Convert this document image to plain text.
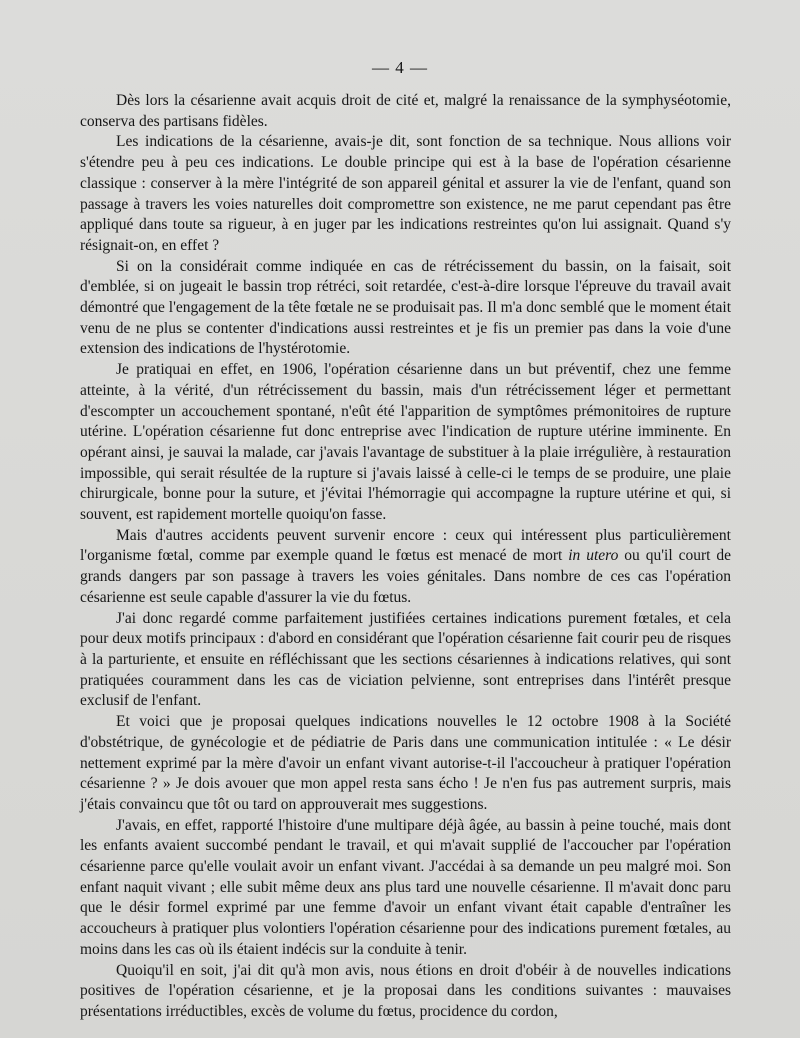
— 4 —

Dès lors la césarienne avait acquis droit de cité et, malgré la renaissance de la symphyséotomie, conserva des partisans fidèles.

Les indications de la césarienne, avais-je dit, sont fonction de sa technique. Nous allions voir s'étendre peu à peu ces indications. Le double principe qui est à la base de l'opération césarienne classique : conserver à la mère l'intégrité de son appareil génital et assurer la vie de l'enfant, quand son passage à travers les voies naturelles doit compromettre son existence, ne me parut cependant pas être appliqué dans toute sa rigueur, à en juger par les indications restreintes qu'on lui assignait. Quand s'y résignait-on, en effet ?

Si on la considérait comme indiquée en cas de rétrécissement du bassin, on la faisait, soit d'emblée, si on jugeait le bassin trop rétréci, soit retardée, c'est-à-dire lorsque l'épreuve du travail avait démontré que l'engagement de la tête fœtale ne se produisait pas. Il m'a donc semblé que le moment était venu de ne plus se contenter d'indications aussi restreintes et je fis un premier pas dans la voie d'une extension des indications de l'hystérotomie.

Je pratiquai en effet, en 1906, l'opération césarienne dans un but préventif, chez une femme atteinte, à la vérité, d'un rétrécissement du bassin, mais d'un rétrécissement léger et permettant d'escompter un accouchement spontané, n'eût été l'apparition de symptômes prémonitoires de rupture utérine. L'opération césarienne fut donc entreprise avec l'indication de rupture utérine imminente. En opérant ainsi, je sauvai la malade, car j'avais l'avantage de substituer à la plaie irrégulière, à restauration impossible, qui serait résultée de la rupture si j'avais laissé à celle-ci le temps de se produire, une plaie chirurgicale, bonne pour la suture, et j'évitai l'hémorragie qui accompagne la rupture utérine et qui, si souvent, est rapidement mortelle quoiqu'on fasse.

Mais d'autres accidents peuvent survenir encore : ceux qui intéressent plus particulièrement l'organisme fœtal, comme par exemple quand le fœtus est menacé de mort in utero ou qu'il court de grands dangers par son passage à travers les voies génitales. Dans nombre de ces cas l'opération césarienne est seule capable d'assurer la vie du fœtus.

J'ai donc regardé comme parfaitement justifiées certaines indications purement fœtales, et cela pour deux motifs principaux : d'abord en considérant que l'opération césarienne fait courir peu de risques à la parturiente, et ensuite en réfléchissant que les sections césariennes à indications relatives, qui sont pratiquées couramment dans les cas de viciation pelvienne, sont entreprises dans l'intérêt presque exclusif de l'enfant.

Et voici que je proposai quelques indications nouvelles le 12 octobre 1908 à la Société d'obstétrique, de gynécologie et de pédiatrie de Paris dans une communication intitulée : « Le désir nettement exprimé par la mère d'avoir un enfant vivant autorise-t-il l'accoucheur à pratiquer l'opération césarienne ? » Je dois avouer que mon appel resta sans écho ! Je n'en fus pas autrement surpris, mais j'étais convaincu que tôt ou tard on approuverait mes suggestions.

J'avais, en effet, rapporté l'histoire d'une multipare déjà âgée, au bassin à peine touché, mais dont les enfants avaient succombé pendant le travail, et qui m'avait supplié de l'accoucher par l'opération césarienne parce qu'elle voulait avoir un enfant vivant. J'accédai à sa demande un peu malgré moi. Son enfant naquit vivant ; elle subit même deux ans plus tard une nouvelle césarienne. Il m'avait donc paru que le désir formel exprimé par une femme d'avoir un enfant vivant était capable d'entraîner les accoucheurs à pratiquer plus volontiers l'opération césarienne pour des indications purement fœtales, au moins dans les cas où ils étaient indécis sur la conduite à tenir.

Quoiqu'il en soit, j'ai dit qu'à mon avis, nous étions en droit d'obéir à de nouvelles indications positives de l'opération césarienne, et je la proposai dans les conditions suivantes : mauvaises présentations irréductibles, excès de volume du fœtus, procidence du cordon,
